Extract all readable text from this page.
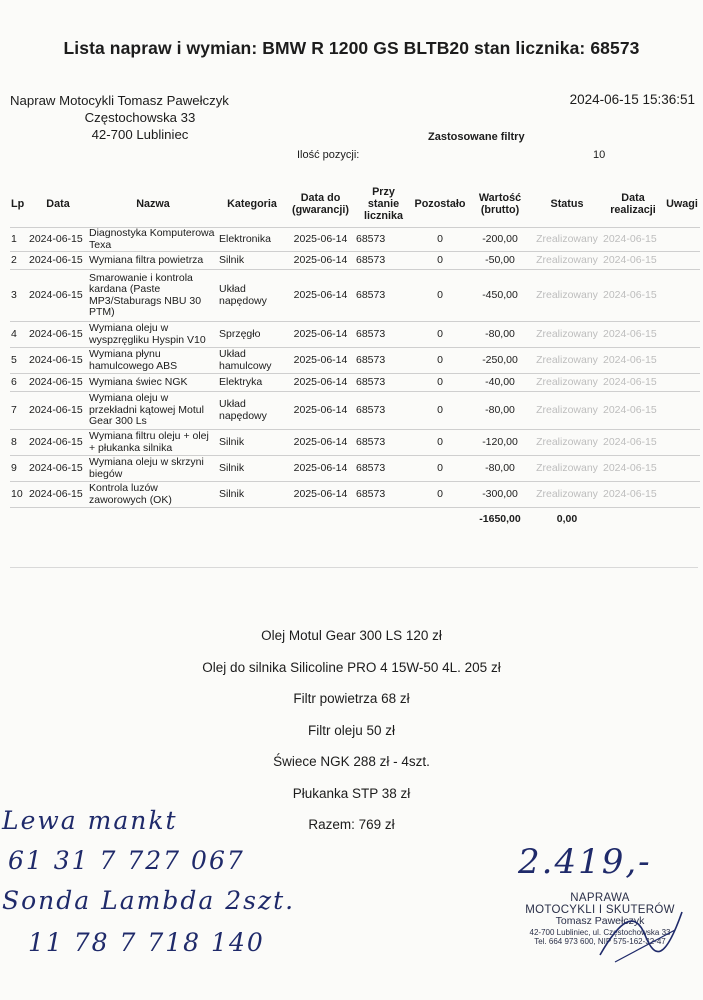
Lista napraw i wymian: BMW R 1200 GS BLTB20 stan licznika: 68573
Napraw Motocykli Tomasz Pawełczyk
Częstochowska 33
42-700 Lubliniec
2024-06-15 15:36:51
Zastosowane filtry
Ilość pozycji:	10
Lp	Data	Nazwa	Kategoria	Data do (gwarancji)	Przy stanie licznika	Pozostało	Wartość (brutto)	Status	Data realizacji	Uwagi
1	2024-06-15	Diagnostyka Komputerowa Texa	Elektronika	2025-06-14	68573	0	-200,00	Zrealizowany	2024-06-15	
2	2024-06-15	Wymiana filtra powietrza	Silnik	2025-06-14	68573	0	-50,00	Zrealizowany	2024-06-15	
3	2024-06-15	Smarowanie i kontrola kardana (Paste MP3/Staburags NBU 30 PTM)	Układ napędowy	2025-06-14	68573	0	-450,00	Zrealizowany	2024-06-15	
4	2024-06-15	Wymiana oleju w wyspzręgliku Hyspin V10	Sprzęgło	2025-06-14	68573	0	-80,00	Zrealizowany	2024-06-15	
5	2024-06-15	Wymiana płynu hamulcowego ABS	Układ hamulcowy	2025-06-14	68573	0	-250,00	Zrealizowany	2024-06-15	
6	2024-06-15	Wymiana świec NGK	Elektryka	2025-06-14	68573	0	-40,00	Zrealizowany	2024-06-15	
7	2024-06-15	Wymiana oleju w przekładni kątowej Motul Gear 300 Ls	Układ napędowy	2025-06-14	68573	0	-80,00	Zrealizowany	2024-06-15	
8	2024-06-15	Wymiana filtru oleju + olej + płukanka silnika	Silnik	2025-06-14	68573	0	-120,00	Zrealizowany	2024-06-15	
9	2024-06-15	Wymiana oleju w skrzyni biegów	Silnik	2025-06-14	68573	0	-80,00	Zrealizowany	2024-06-15	
10	2024-06-15	Kontrola luzów zaworowych (OK)	Silnik	2025-06-14	68573	0	-300,00	Zrealizowany	2024-06-15	
							-1650,00	0,00		
Olej Motul Gear 300 LS 120 zł
Olej do silnika Silicoline PRO 4 15W-50 4L. 205 zł
Filtr powietrza 68 zł
Filtr oleju 50 zł
Świece NGK 288 zł - 4szt.
Płukanka STP 38 zł
Razem: 769 zł
Lewa mankt
61 31 7 727 067
Sonda Lambda 2szt.
11 78 7 718 140
2.419,-
NAPRAWA
MOTOCYKLI I SKUTERÓW
Tomasz Pawełczyk
42-700 Lubliniec, ul. Częstochowska 33
Tel. 664 973 600, NIP 575-162-32-47
